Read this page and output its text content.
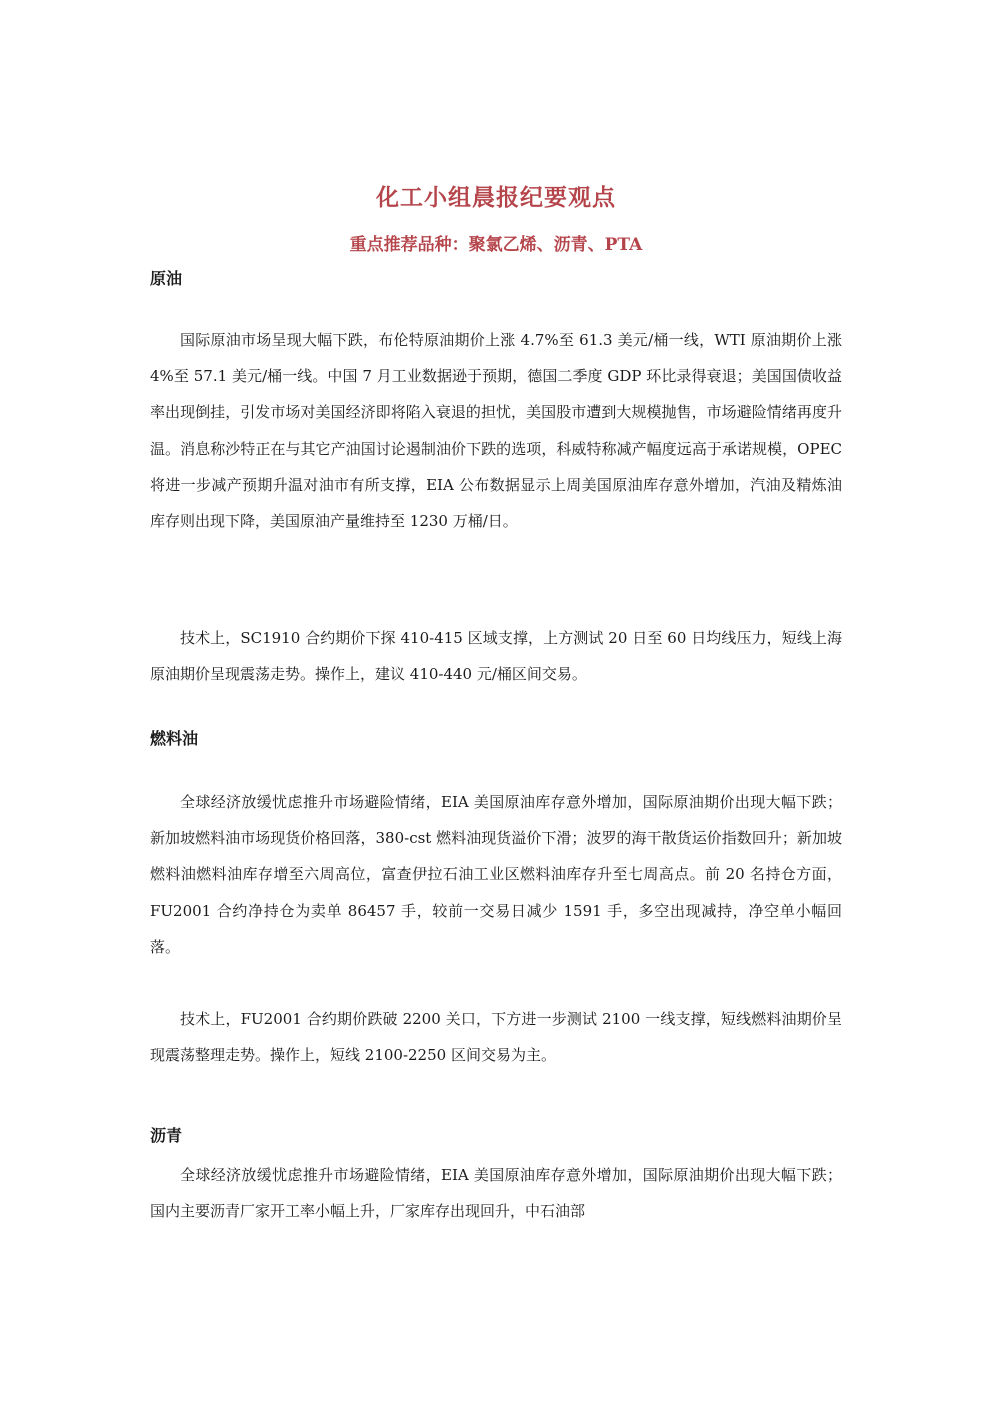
化工小组晨报纪要观点
重点推荐品种：聚氯乙烯、沥青、PTA
原油
国际原油市场呈现大幅下跌，布伦特原油期价上涨 4.7%至 61.3 美元/桶一线，WTI 原油期价上涨 4%至 57.1 美元/桶一线。中国 7 月工业数据逊于预期，德国二季度 GDP 环比录得衰退；美国国债收益率出现倒挂，引发市场对美国经济即将陷入衰退的担忧，美国股市遭到大规模抛售，市场避险情绪再度升温。消息称沙特正在与其它产油国讨论遏制油价下跌的选项，科威特称减产幅度远高于承诺规模，OPEC 将进一步减产预期升温对油市有所支撑，EIA 公布数据显示上周美国原油库存意外增加，汽油及精炼油库存则出现下降，美国原油产量维持至 1230 万桶/日。
技术上，SC1910 合约期价下探 410-415 区域支撑，上方测试 20 日至 60 日均线压力，短线上海原油期价呈现震荡走势。操作上，建议 410-440 元/桶区间交易。
燃料油
全球经济放缓忧虑推升市场避险情绪，EIA 美国原油库存意外增加，国际原油期价出现大幅下跌；新加坡燃料油市场现货价格回落，380-cst 燃料油现货溢价下滑；波罗的海干散货运价指数回升；新加坡燃料油燃料油库存增至六周高位，富查伊拉石油工业区燃料油库存升至七周高点。前 20 名持仓方面，FU2001 合约净持仓为卖单 86457 手，较前一交易日减少 1591 手，多空出现减持，净空单小幅回落。
技术上，FU2001 合约期价跌破 2200 关口，下方进一步测试 2100 一线支撑，短线燃料油期价呈现震荡整理走势。操作上，短线 2100-2250 区间交易为主。
沥青
全球经济放缓忧虑推升市场避险情绪，EIA 美国原油库存意外增加，国际原油期价出现大幅下跌；国内主要沥青厂家开工率小幅上升，厂家库存出现回升，中石油部
